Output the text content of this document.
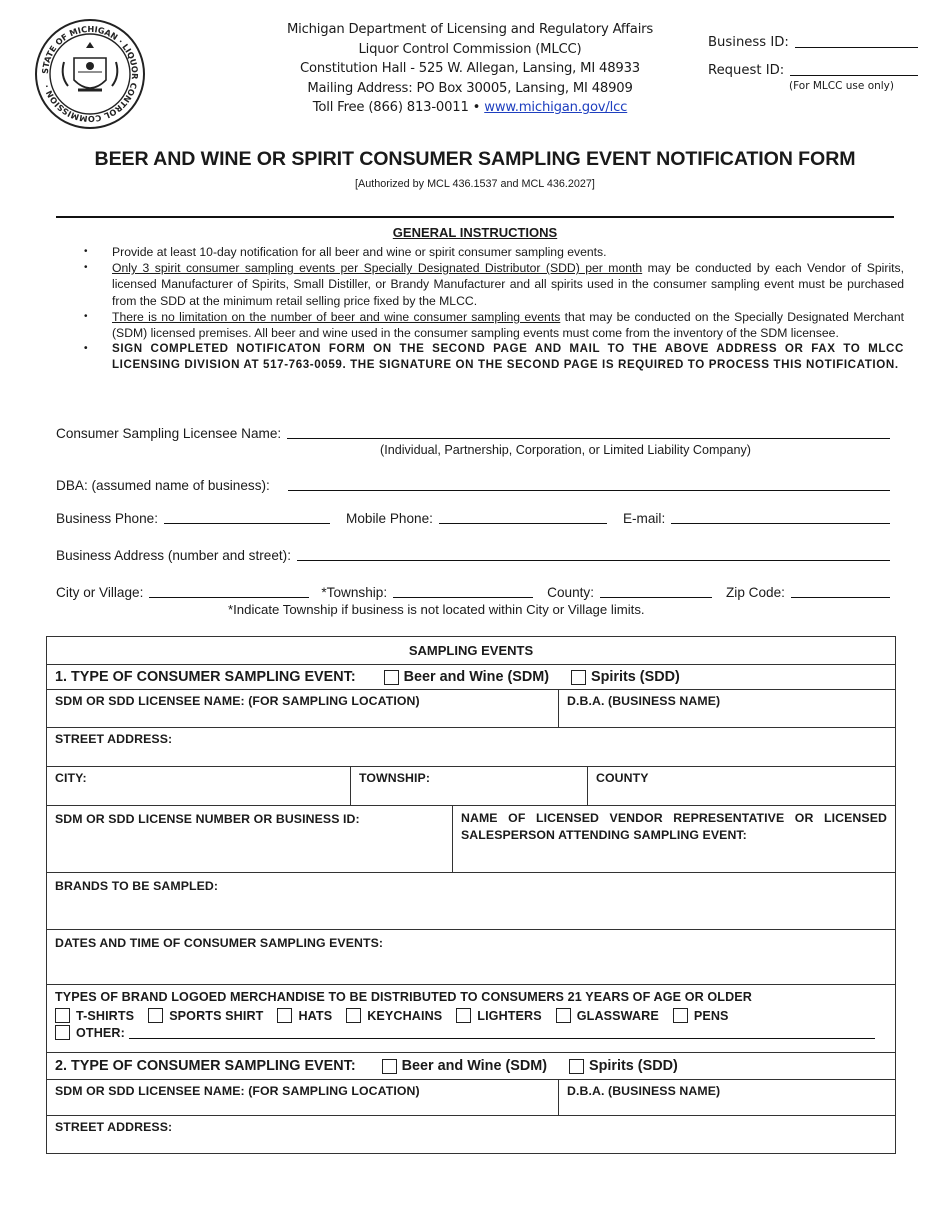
STATE OF MICHIGAN · LIQUOR CONTROL COMMISSION ·
Michigan Department of Licensing and Regulatory Affairs
Liquor Control Commission (MLCC)
Constitution Hall - 525 W. Allegan, Lansing, MI 48933
Mailing Address: PO Box 30005, Lansing, MI 48909
Toll Free (866) 813-0011 • www.michigan.gov/lcc
Business ID:
Request ID:
(For MLCC use only)
BEER AND WINE OR SPIRIT CONSUMER SAMPLING EVENT NOTIFICATION FORM
[Authorized by MCL 436.1537 and MCL 436.2027]
GENERAL INSTRUCTIONS
• Provide at least 10-day notification for all beer and wine or spirit consumer sampling events.
• Only 3 spirit consumer sampling events per Specially Designated Distributor (SDD) per month may be conducted by each Vendor of Spirits, licensed Manufacturer of Spirits, Small Distiller, or Brandy Manufacturer and all spirits used in the consumer sampling event must be purchased from the SDD at the minimum retail selling price fixed by the MLCC.
• There is no limitation on the number of beer and wine consumer sampling events that may be conducted on the Specially Designated Merchant (SDM) licensed premises. All beer and wine used in the consumer sampling events must come from the inventory of the SDM licensee.
• SIGN COMPLETED NOTIFICATON FORM ON THE SECOND PAGE AND MAIL TO THE ABOVE ADDRESS OR FAX TO MLCC LICENSING DIVISION AT 517-763-0059. THE SIGNATURE ON THE SECOND PAGE IS REQUIRED TO PROCESS THIS NOTIFICATION.
Consumer Sampling Licensee Name:
(Individual, Partnership, Corporation, or Limited Liability Company)
DBA: (assumed name of business):
Business Phone:	Mobile Phone:	E-mail:
Business Address (number and street):
City or Village:	*Township:	County:	Zip Code:
*Indicate Township if business is not located within City or Village limits.
SAMPLING EVENTS
1. TYPE OF CONSUMER SAMPLING EVENT:	Beer and Wine (SDM)	Spirits (SDD)
SDM OR SDD LICENSEE NAME: (FOR SAMPLING LOCATION)	D.B.A. (BUSINESS NAME)
STREET ADDRESS:
CITY:	TOWNSHIP:	COUNTY
SDM OR SDD LICENSE NUMBER OR BUSINESS ID:	NAME OF LICENSED VENDOR REPRESENTATIVE OR LICENSED SALESPERSON ATTENDING SAMPLING EVENT:
BRANDS TO BE SAMPLED:
DATES AND TIME OF CONSUMER SAMPLING EVENTS:
TYPES OF BRAND LOGOED MERCHANDISE TO BE DISTRIBUTED TO CONSUMERS 21 YEARS OF AGE OR OLDER
T-SHIRTS	SPORTS SHIRT	HATS	KEYCHAINS	LIGHTERS	GLASSWARE	PENS
OTHER:
2. TYPE OF CONSUMER SAMPLING EVENT:	Beer and Wine (SDM)	Spirits (SDD)
SDM OR SDD LICENSEE NAME: (FOR SAMPLING LOCATION)	D.B.A. (BUSINESS NAME)
STREET ADDRESS:
